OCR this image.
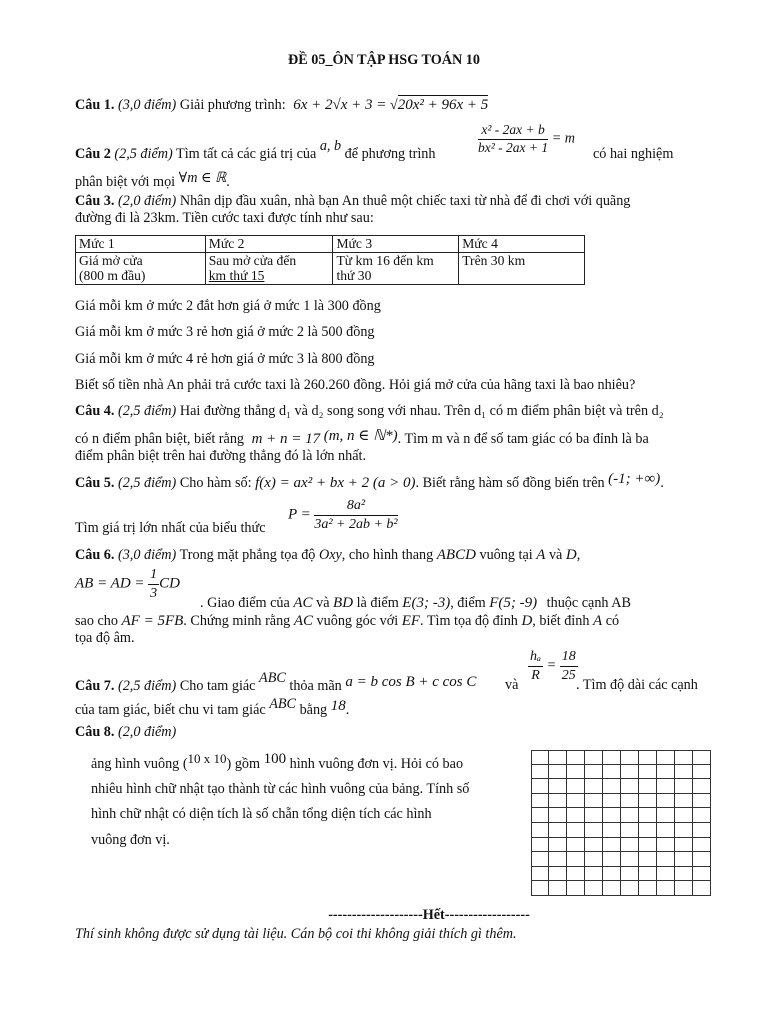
ĐỀ 05_ÔN TẬP HSG TOÁN 10
Câu 1. (3,0 điểm) Giải phương trình: 6x + 2√x + 3 = √20x² + 96x + 5
Câu 2 (2,5 điểm) Tìm tất cả các giá trị của a, b để phương trình	$\frac{\text{x² - 2ax + b}}{\text{bx² - 2ax + 1}} = m$
có hai nghiệm
phân biệt với mọi ∀m ∈ ℝ.
Câu 3. (2,0 điểm) Nhân dịp đầu xuân, nhà bạn An thuê một chiếc taxi từ nhà để đi chơi với quãng
đường đi là 23km. Tiền cước taxi được tính như sau:
Mức 1	Mức 2	Mức 3	Mức 4
Giá mở cửa
(800 m đầu)	Sau mở cửa đến
km thứ 15	Từ km 16 đến km
thứ 30	Trên 30 km
Giá mỗi km ở mức 2 đắt hơn giá ở mức 1 là 300 đồng
Giá mỗi km ở mức 3 rẻ hơn giá ở mức 2 là 500 đồng
Giá mỗi km ở mức 4 rẻ hơn giá ở mức 3 là 800 đồng
Biết số tiền nhà An phải trả cước taxi là 260.260 đồng. Hỏi giá mở cửa của hãng taxi là bao nhiêu?
Câu 4. (2,5 điểm) Hai đường thẳng d₁ và d₂ song song với nhau. Trên d₁ có m điểm phân biệt và trên d₂
có n điểm phân biệt, biết rằng m + n = 17 (m, n ∈ ℕ*). Tìm m và n để số tam giác có ba đỉnh là ba
điểm phân biệt trên hai đường thẳng đó là lớn nhất.
Câu 5. (2,5 điểm) Cho hàm số: f(x) = ax² + bx + 2 (a > 0). Biết rằng hàm số đồng biến trên (-1; +∞).
Tìm giá trị lớn nhất của biểu thức
$P = \frac{\text{8a²}}{\text{3a² + 2ab + b²}}$
Câu 6. (3,0 điểm) Trong mặt phẳng tọa độ Oxy, cho hình thang ABCD vuông tại A và D,
AB = AD = $\frac{1}{3}$ CD
. Giao điểm của AC và BD là điểm E(3; -3), điểm F(5; -9) thuộc cạnh AB
sao cho AF = 5FB. Chứng minh rằng AC vuông góc với EF. Tìm tọa độ đỉnh D, biết đỉnh A có
tọa độ âm.
Câu 7. (2,5 điểm) Cho tam giác ABC thỏa mãn a = b cos B + c cos C và
$\frac{\text{hₐ}}{R} = \frac{18}{25}$
. Tìm độ dài các cạnh
của tam giác, biết chu vi tam giác ABC bằng 18.
Câu 8. (2,0 điểm)
ảng hình vuông (10 x 10) gồm 100 hình vuông đơn vị. Hỏi có bao
nhiêu hình chữ nhật tạo thành từ các hình vuông của bảng. Tính số
hình chữ nhật có diện tích là số chẵn tổng diện tích các hình
vuông đơn vị.
--------------------Hết------------------
Thí sinh không được sử dụng tài liệu. Cán bộ coi thi không giải thích gì thêm.
